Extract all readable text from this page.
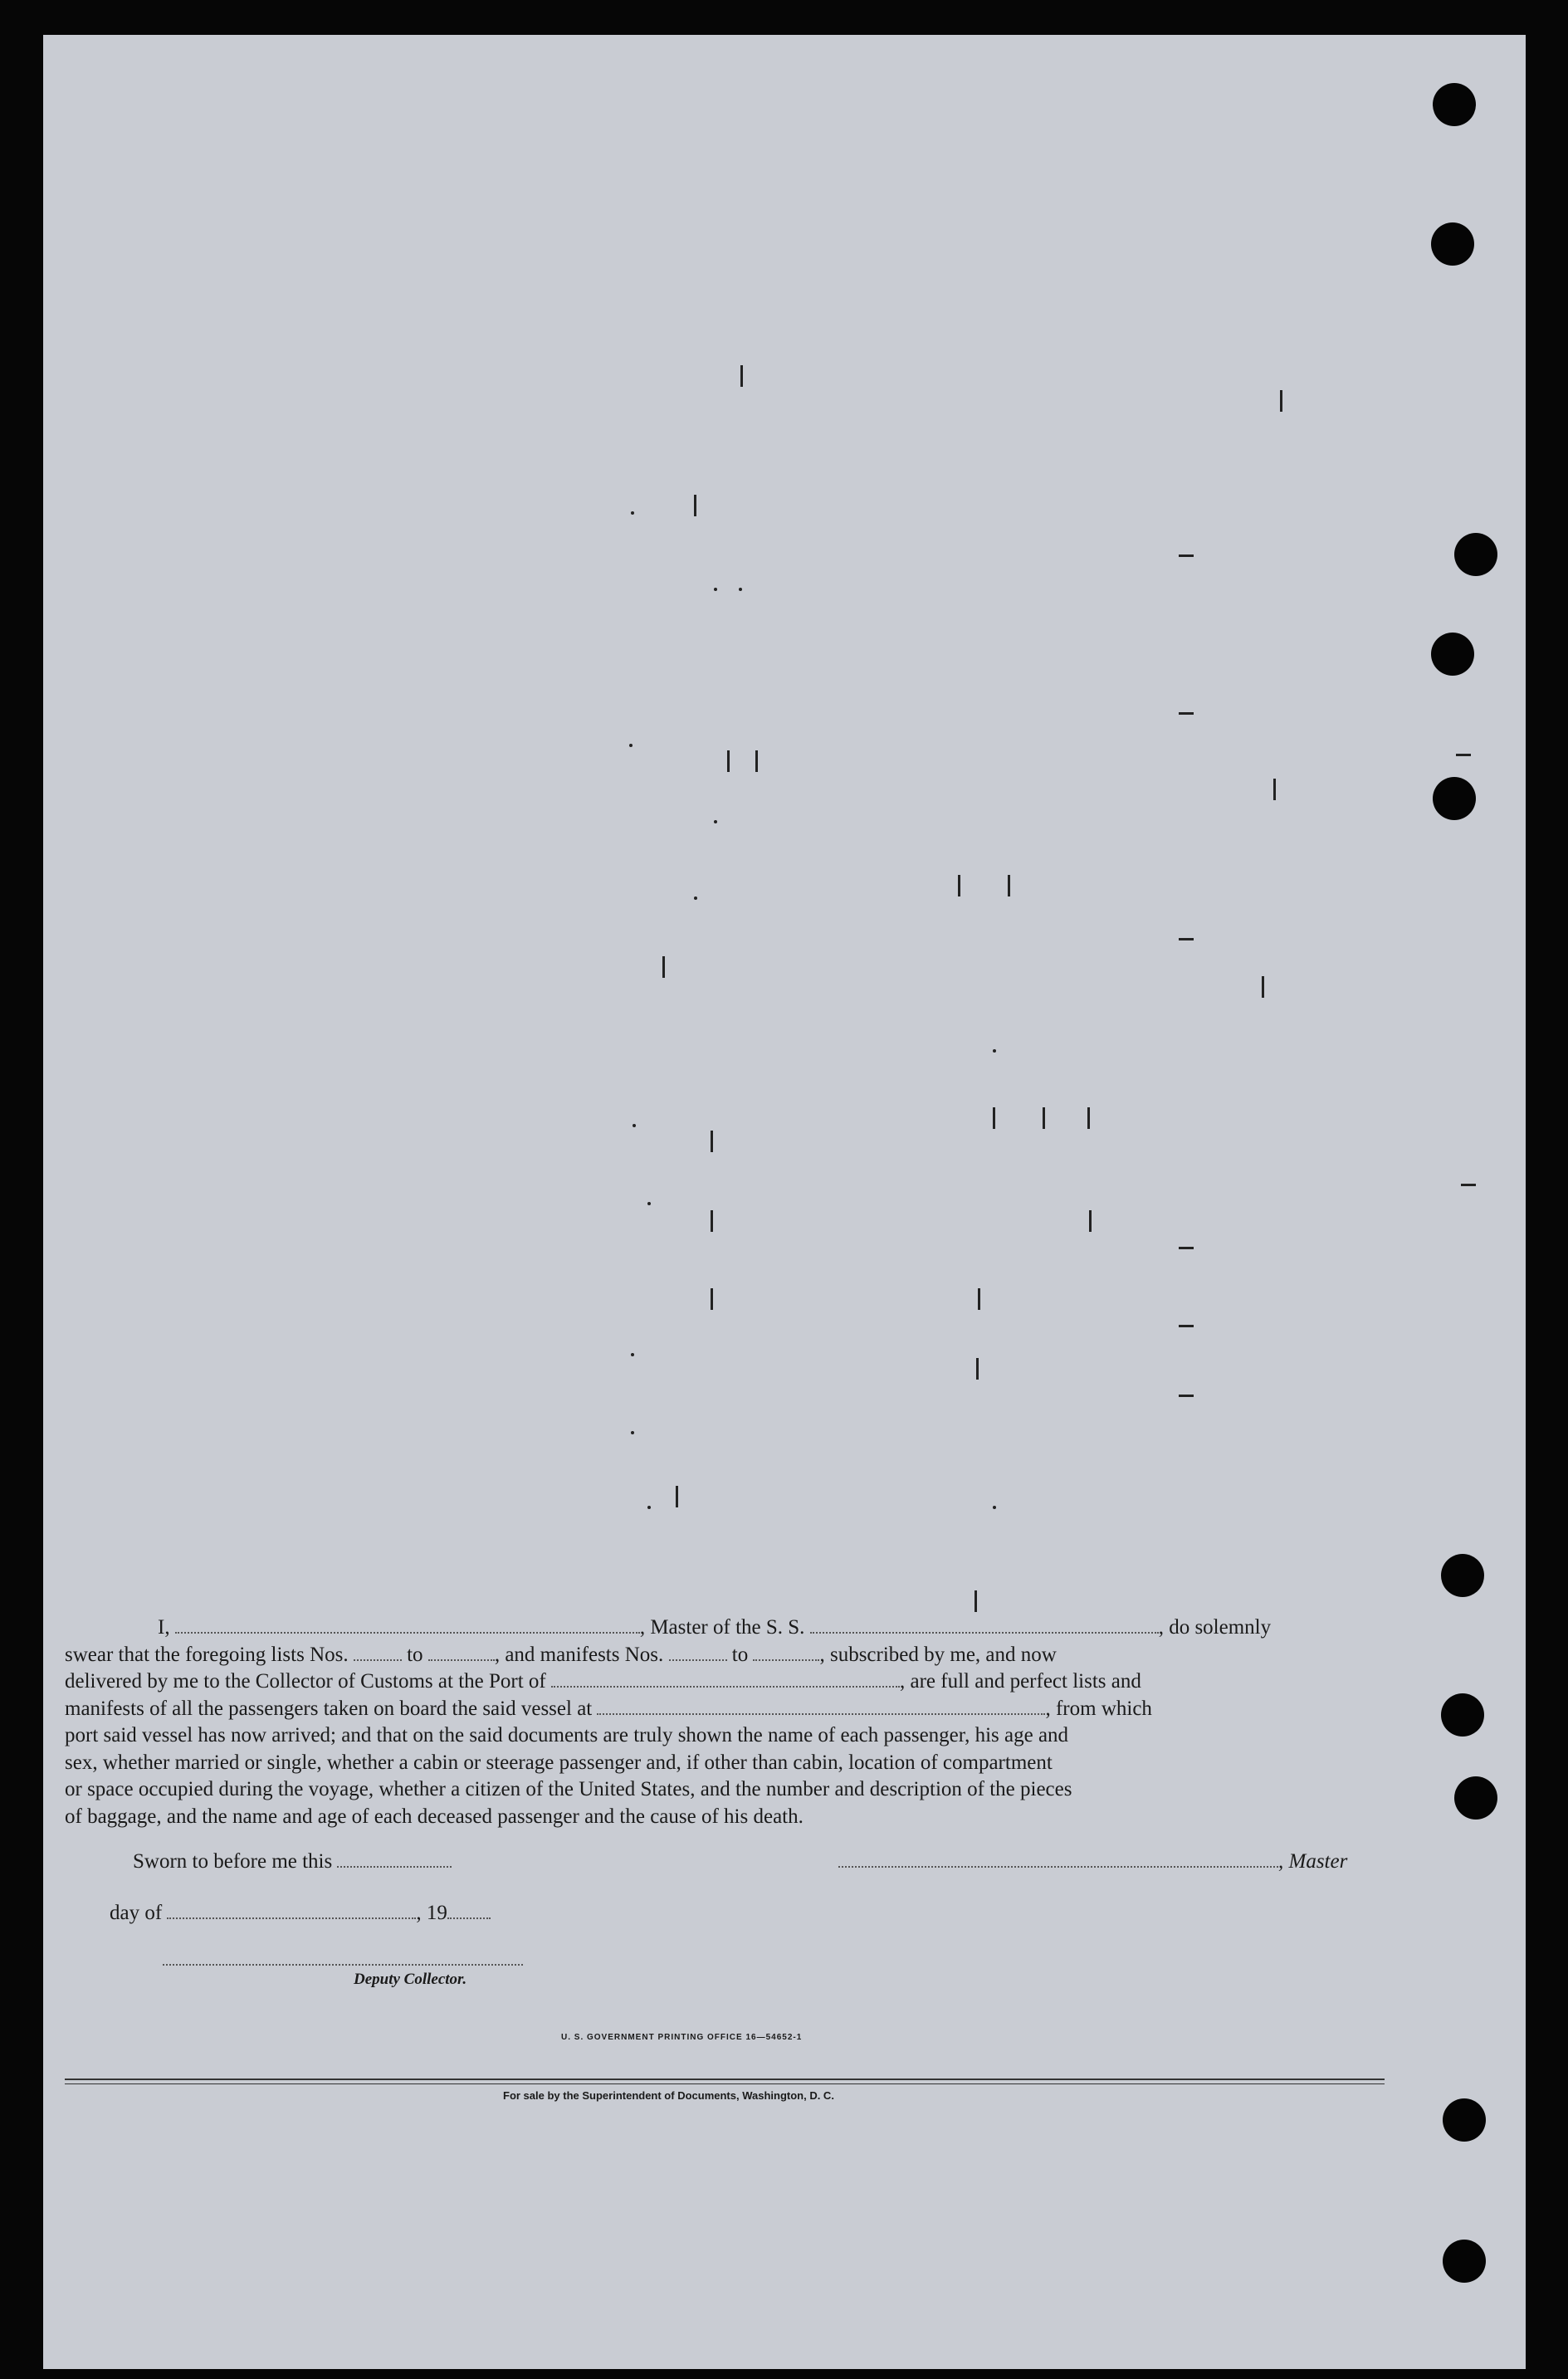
I,	, Master of the S. S.	, do solemnly
swear that the foregoing lists Nos.	to	, and manifests Nos.	to	, subscribed by me, and now
delivered by me to the Collector of Customs at the Port of	, are full and perfect lists and
manifests of all the passengers taken on board the said vessel at	, from which
port said vessel has now arrived; and that on the said documents are truly shown the name of each passenger, his age and
sex, whether married or single, whether a cabin or steerage passenger and, if other than cabin, location of compartment
or space occupied during the voyage, whether a citizen of the United States, and the number and description of the pieces
of baggage, and the name and age of each deceased passenger and the cause of his death.
Sworn to before me this	, Master
day of	, 19
Deputy Collector.
U. S. GOVERNMENT PRINTING OFFICE 16—54652-1
For sale by the Superintendent of Documents, Washington, D. C.
